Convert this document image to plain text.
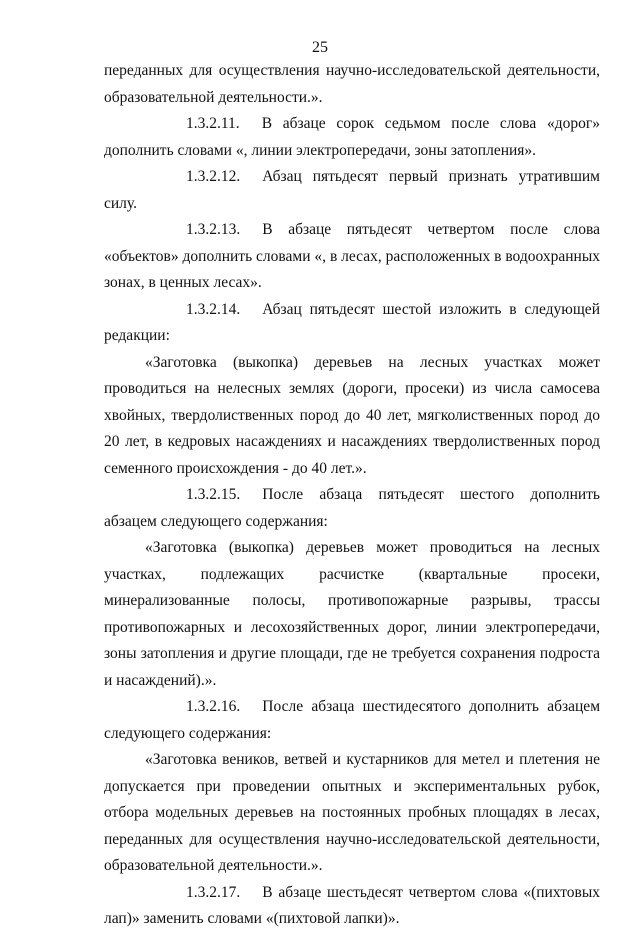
25

переданных для осуществления научно-исследовательской деятельности, образовательной деятельности.».

1.3.2.11. В абзаце сорок седьмом после слова «дорог» дополнить словами «, линии электропередачи, зоны затопления».

1.3.2.12. Абзац пятьдесят первый признать утратившим силу.

1.3.2.13. В абзаце пятьдесят четвертом после слова «объектов» дополнить словами «, в лесах, расположенных в водоохранных зонах, в ценных лесах».

1.3.2.14. Абзац пятьдесят шестой изложить в следующей редакции:

«Заготовка (выкопка) деревьев на лесных участках может проводиться на нелесных землях (дороги, просеки) из числа самосева хвойных, твердолиственных пород до 40 лет, мягколиственных пород до 20 лет, в кедровых насаждениях и насаждениях твердолиственных пород семенного происхождения - до 40 лет.».

1.3.2.15. После абзаца пятьдесят шестого дополнить абзацем следующего содержания:

«Заготовка (выкопка) деревьев может проводиться на лесных участках, подлежащих расчистке (квартальные просеки, минерализованные полосы, противопожарные разрывы, трассы противопожарных и лесохозяйственных дорог, линии электропередачи, зоны затопления и другие площади, где не требуется сохранения подроста и насаждений).».

1.3.2.16. После абзаца шестидесятого дополнить абзацем следующего содержания:

«Заготовка веников, ветвей и кустарников для метел и плетения не допускается при проведении опытных и экспериментальных рубок, отбора модельных деревьев на постоянных пробных площадях в лесах, переданных для осуществления научно-исследовательской деятельности, образовательной деятельности.».

1.3.2.17. В абзаце шестьдесят четвертом слова «(пихтовых лап)» заменить словами «(пихтовой лапки)».
